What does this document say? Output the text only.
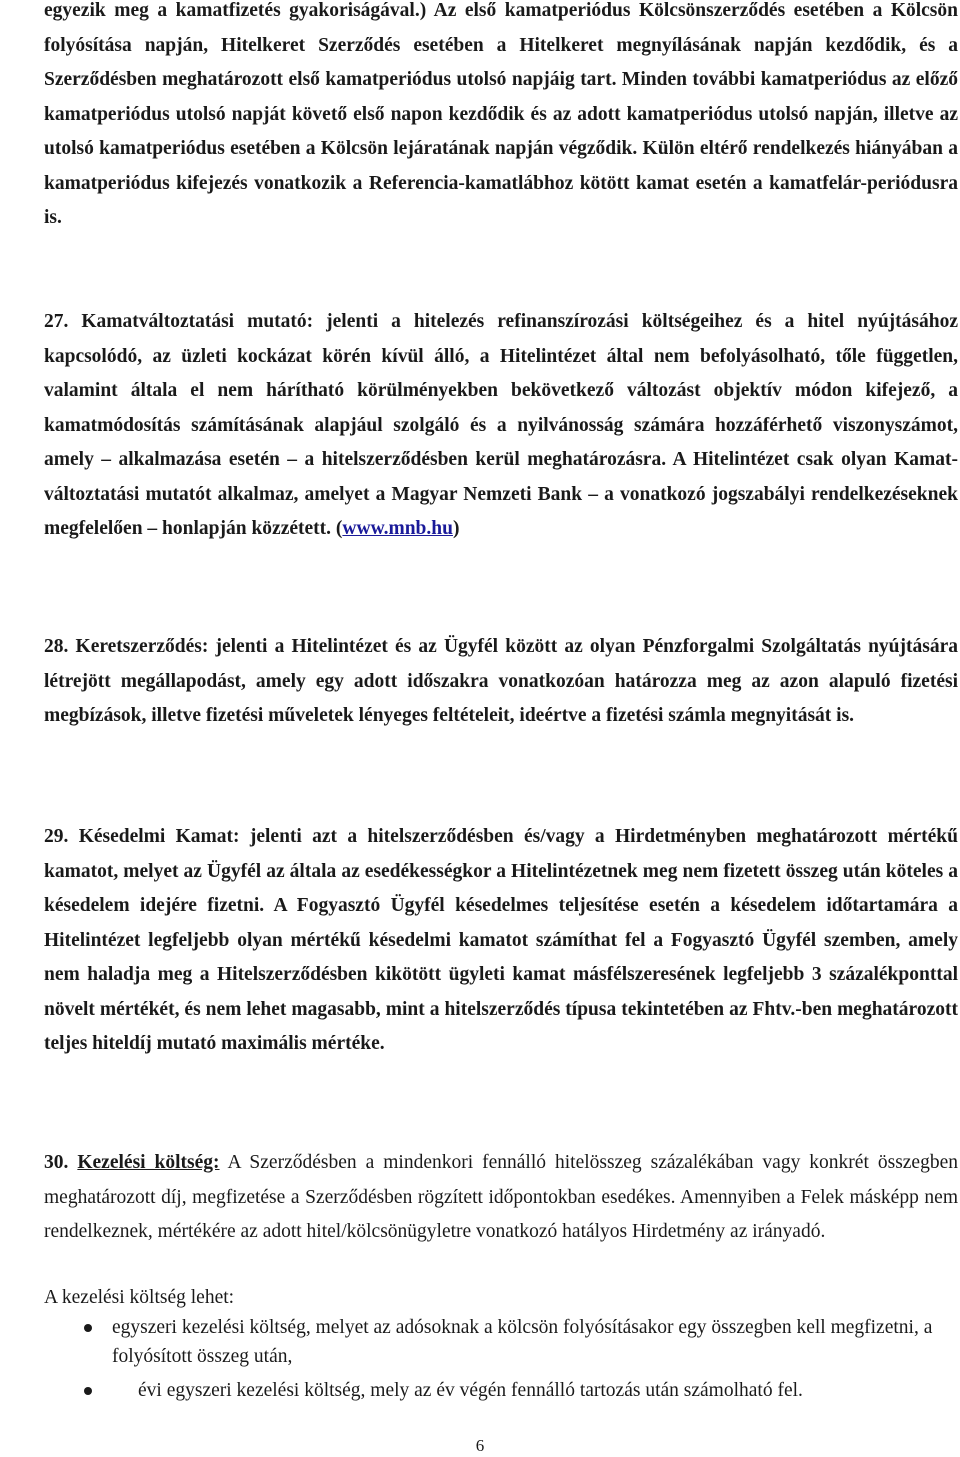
egyezik meg a kamatfizetés gyakoriságával.) Az első kamatperiódus Kölcsönszerződés esetében a Kölcsön folyósítása napján, Hitelkeret Szerződés esetében a Hitelkeret megnyílásának napján kezdődik, és a Szerződésben meghatározott első kamatperiódus utolsó napjáig tart. Minden további kamatperiódus az előző kamatperiódus utolsó napját követő első napon kezdődik és az adott kamatperiódus utolsó napján, illetve az utolsó kamatperiódus esetében a Kölcsön lejáratának napján végződik. Külön eltérő rendelkezés hiányában a kamatperiódus kifejezés vonatkozik a Referencia-kamatlábhoz kötött kamat esetén a kamatfelár-periódusra is.

27. Kamatváltoztatási mutató: jelenti a hitelezés refinanszírozási költségeihez és a hitel nyújtásához kapcsolódó, az üzleti kockázat körén kívül álló, a Hitelintézet által nem befolyásolható, tőle független, valamint általa el nem hárítható körülményekben bekövetkező változást objektív módon kifejező, a kamatmódosítás számításának alapjául szolgáló és a nyilvánosság számára hozzáférhető viszonyszámot, amely – alkalmazása esetén – a hitelszerződésben kerül meghatározásra. A Hitelintézet csak olyan Kamat-változtatási mutatót alkalmaz, amelyet a Magyar Nemzeti Bank – a vonatkozó jogszabályi rendelkezéseknek megfelelően – honlapján közzétett. (www.mnb.hu)

28. Keretszerződés: jelenti a Hitelintézet és az Ügyfél között az olyan Pénzforgalmi Szolgáltatás nyújtására létrejött megállapodást, amely egy adott időszakra vonatkozóan határozza meg az azon alapuló fizetési megbízások, illetve fizetési műveletek lényeges feltételeit, ideértve a fizetési számla megnyitását is.

29. Késedelmi Kamat: jelenti azt a hitelszerződésben és/vagy a Hirdetményben meghatározott mértékű kamatot, melyet az Ügyfél az általa az esedékességkor a Hitelintézetnek meg nem fizetett összeg után köteles a késedelem idejére fizetni. A Fogyasztó Ügyfél késedelmes teljesítése esetén a késedelem időtartamára a Hitelintézet legfeljebb olyan mértékű késedelmi kamatot számíthat fel a Fogyasztó Ügyfél szemben, amely nem haladja meg a Hitelszerződésben kikötött ügyleti kamat másfélszeresének legfeljebb 3 százalékponttal növelt mértékét, és nem lehet magasabb, mint a hitelszerződés típusa tekintetében az Fhtv.-ben meghatározott teljes hiteldíj mutató maximális mértéke.

30. Kezelési költség: A Szerződésben a mindenkori fennálló hitelösszeg százalékában vagy konkrét összegben meghatározott díj, megfizetése a Szerződésben rögzített időpontokban esedékes. Amennyiben a Felek másképp nem rendelkeznek, mértékére az adott hitel/kölcsönügyletre vonatkozó hatályos Hirdetmény az irányadó.

A kezelési költség lehet:
egyszeri kezelési költség, melyet az adósoknak a kölcsön folyósításakor egy összegben kell megfizetni, a folyósított összeg után,
évi egyszeri kezelési költség, mely az év végén fennálló tartozás után számolható fel.
6
